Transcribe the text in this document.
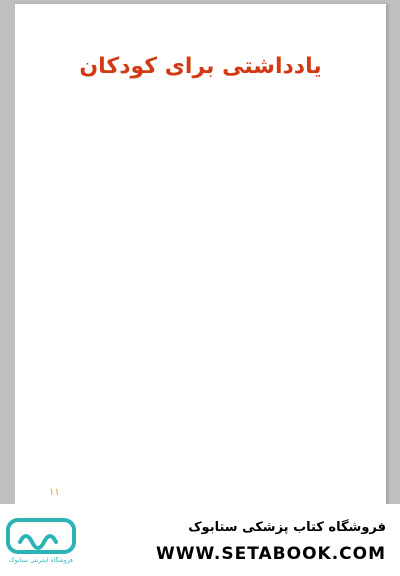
یادداشتی برای کودکان

۱۱
فروشگاه اینترنتی ستابوک
فروشگاه کتاب پزشکی ستابوک
WWW.SETABOOK.COM
